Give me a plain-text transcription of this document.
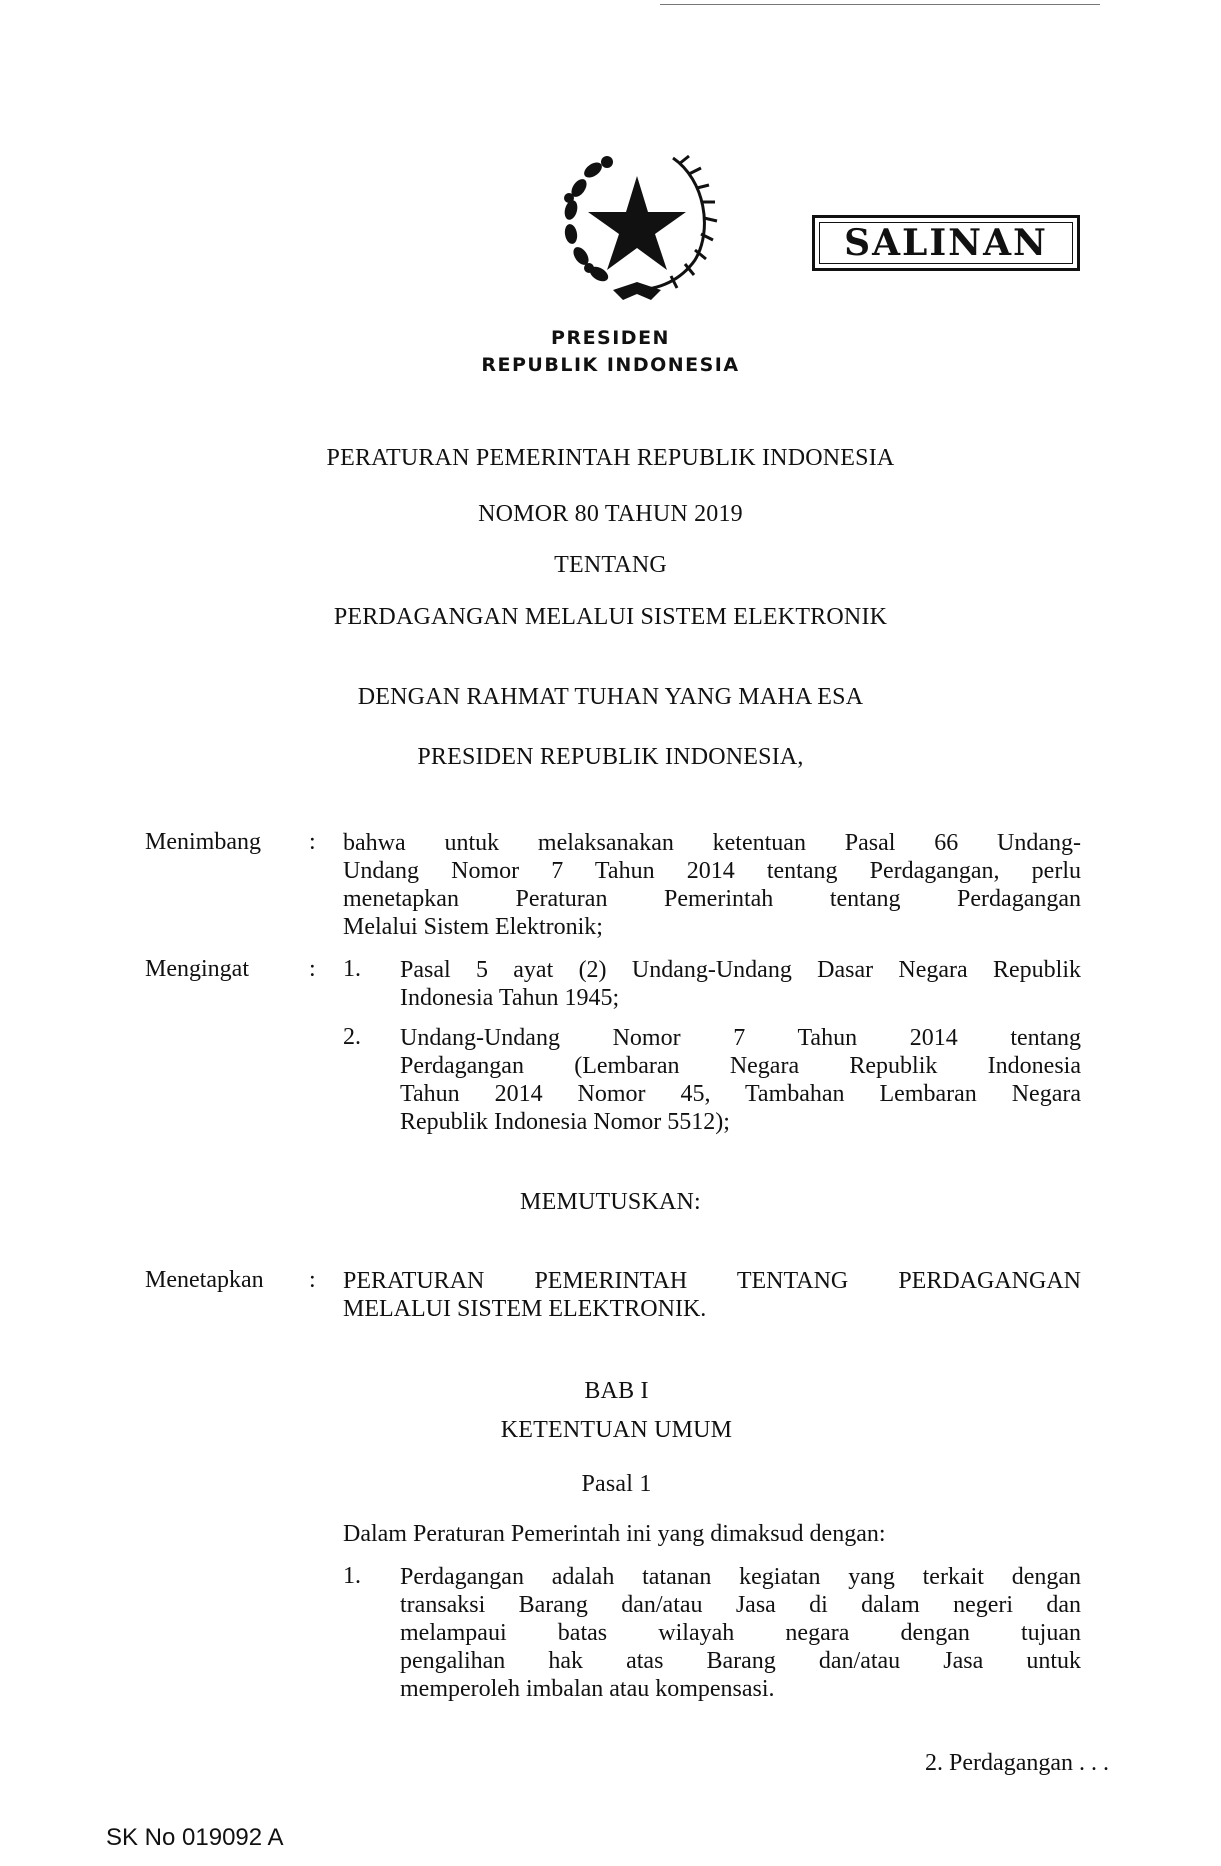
SALINAN
PRESIDEN
REPUBLIK INDONESIA
PERATURAN PEMERINTAH REPUBLIK INDONESIA
NOMOR 80 TAHUN 2019
TENTANG
PERDAGANGAN MELALUI SISTEM ELEKTRONIK
DENGAN RAHMAT TUHAN YANG MAHA ESA
PRESIDEN REPUBLIK INDONESIA,
Menimbang : bahwa untuk melaksanakan ketentuan Pasal 66 Undang-
Undang Nomor 7 Tahun 2014 tentang Perdagangan, perlu
menetapkan Peraturan Pemerintah tentang Perdagangan
Melalui Sistem Elektronik;
Mengingat	: 1. Pasal 5 ayat (2) Undang-Undang Dasar Negara Republik
Indonesia Tahun 1945;
2. Undang-Undang Nomor 7 Tahun 2014 tentang
Perdagangan (Lembaran Negara Republik Indonesia
Tahun 2014 Nomor 45, Tambahan Lembaran Negara
Republik Indonesia Nomor 5512);
MEMUTUSKAN:
Menetapkan : PERATURAN PEMERINTAH TENTANG PERDAGANGAN
MELALUI SISTEM ELEKTRONIK.
BAB I
KETENTUAN UMUM
Pasal 1
Dalam Peraturan Pemerintah ini yang dimaksud dengan:
1. Perdagangan adalah tatanan kegiatan yang terkait dengan
transaksi Barang dan/atau Jasa di dalam negeri dan
melampaui batas wilayah negara dengan tujuan
pengalihan hak atas Barang dan/atau Jasa untuk
memperoleh imbalan atau kompensasi.
2. Perdagangan . . .
SK No 019092 A
